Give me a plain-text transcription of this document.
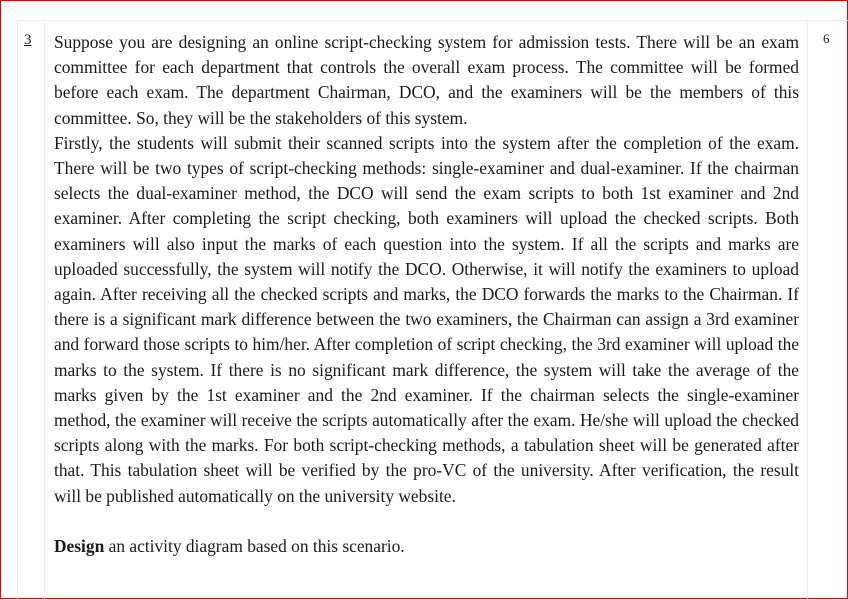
3	6

Suppose you are designing an online script-checking system for admission tests. There will be an exam committee for each department that controls the overall exam process. The committee will be formed before each exam. The department Chairman, DCO, and the examiners will be the members of this committee. So, they will be the stakeholders of this system.

Firstly, the students will submit their scanned scripts into the system after the completion of the exam. There will be two types of script-checking methods: single-examiner and dual-examiner. If the chairman selects the dual-examiner method, the DCO will send the exam scripts to both 1st examiner and 2nd examiner. After completing the script checking, both examiners will upload the checked scripts. Both examiners will also input the marks of each question into the system. If all the scripts and marks are uploaded successfully, the system will notify the DCO. Otherwise, it will notify the examiners to upload again. After receiving all the checked scripts and marks, the DCO forwards the marks to the Chairman. If there is a significant mark difference between the two examiners, the Chairman can assign a 3rd examiner and forward those scripts to him/her. After completion of script checking, the 3rd examiner will upload the marks to the system. If there is no significant mark difference, the system will take the average of the marks given by the 1st examiner and the 2nd examiner. If the chairman selects the single-examiner method, the examiner will receive the scripts automatically after the exam. He/she will upload the checked scripts along with the marks. For both script-checking methods, a tabulation sheet will be generated after that. This tabulation sheet will be verified by the pro-VC of the university. After verification, the result will be published automatically on the university website.

Design an activity diagram based on this scenario.
